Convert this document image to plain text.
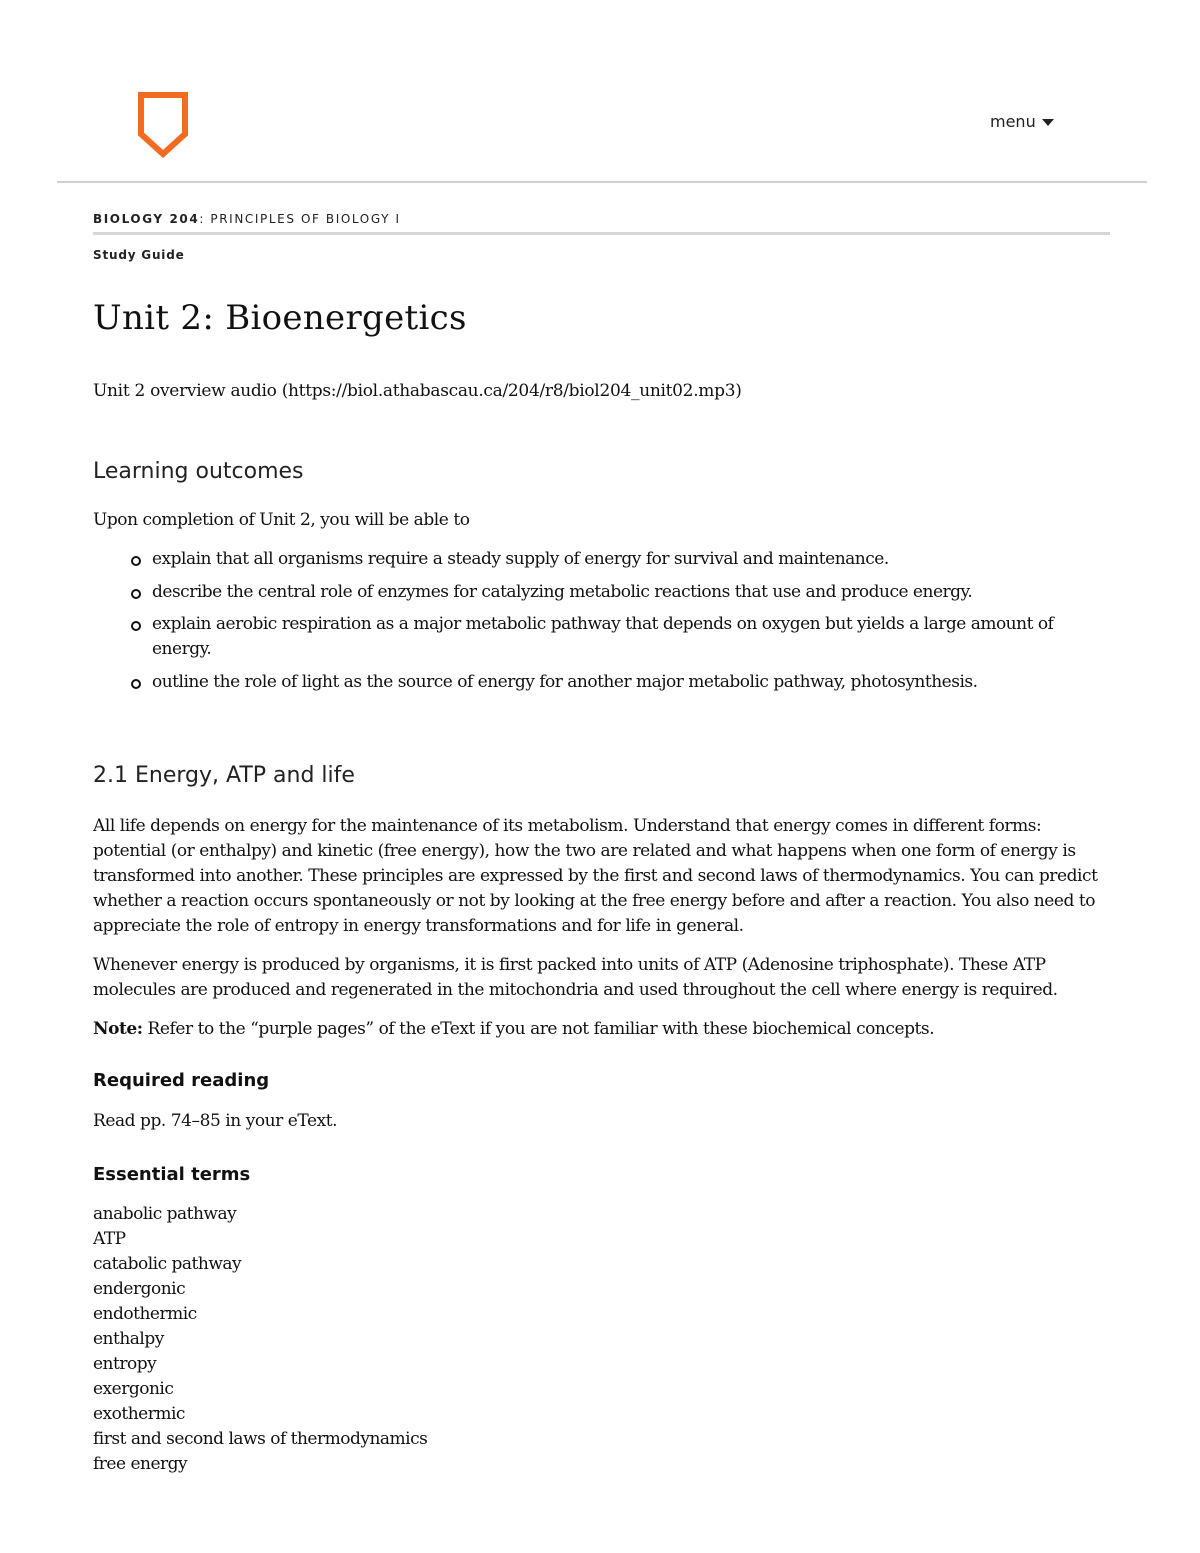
menu

BIOLOGY 204: PRINCIPLES OF BIOLOGY I

Study Guide

Unit 2: Bioenergetics

Unit 2 overview audio (https://biol.athabascau.ca/204/r8/biol204_unit02.mp3)

Learning outcomes

Upon completion of Unit 2, you will be able to

explain that all organisms require a steady supply of energy for survival and maintenance.
describe the central role of enzymes for catalyzing metabolic reactions that use and produce energy.
explain aerobic respiration as a major metabolic pathway that depends on oxygen but yields a large amount of energy.
outline the role of light as the source of energy for another major metabolic pathway, photosynthesis.
2.1 Energy, ATP and life

All life depends on energy for the maintenance of its metabolism. Understand that energy comes in different forms: potential (or enthalpy) and kinetic (free energy), how the two are related and what happens when one form of energy is transformed into another. These principles are expressed by the first and second laws of thermodynamics. You can predict whether a reaction occurs spontaneously or not by looking at the free energy before and after a reaction. You also need to appreciate the role of entropy in energy transformations and for life in general.

Whenever energy is produced by organisms, it is first packed into units of ATP (Adenosine triphosphate). These ATP molecules are produced and regenerated in the mitochondria and used throughout the cell where energy is required.

Note: Refer to the “purple pages” of the eText if you are not familiar with these biochemical concepts.

Required reading

Read pp. 74–85 in your eText.

Essential terms
anabolic pathway
ATP
catabolic pathway
endergonic
endothermic
enthalpy
entropy
exergonic
exothermic
first and second laws of thermodynamics
free energy
